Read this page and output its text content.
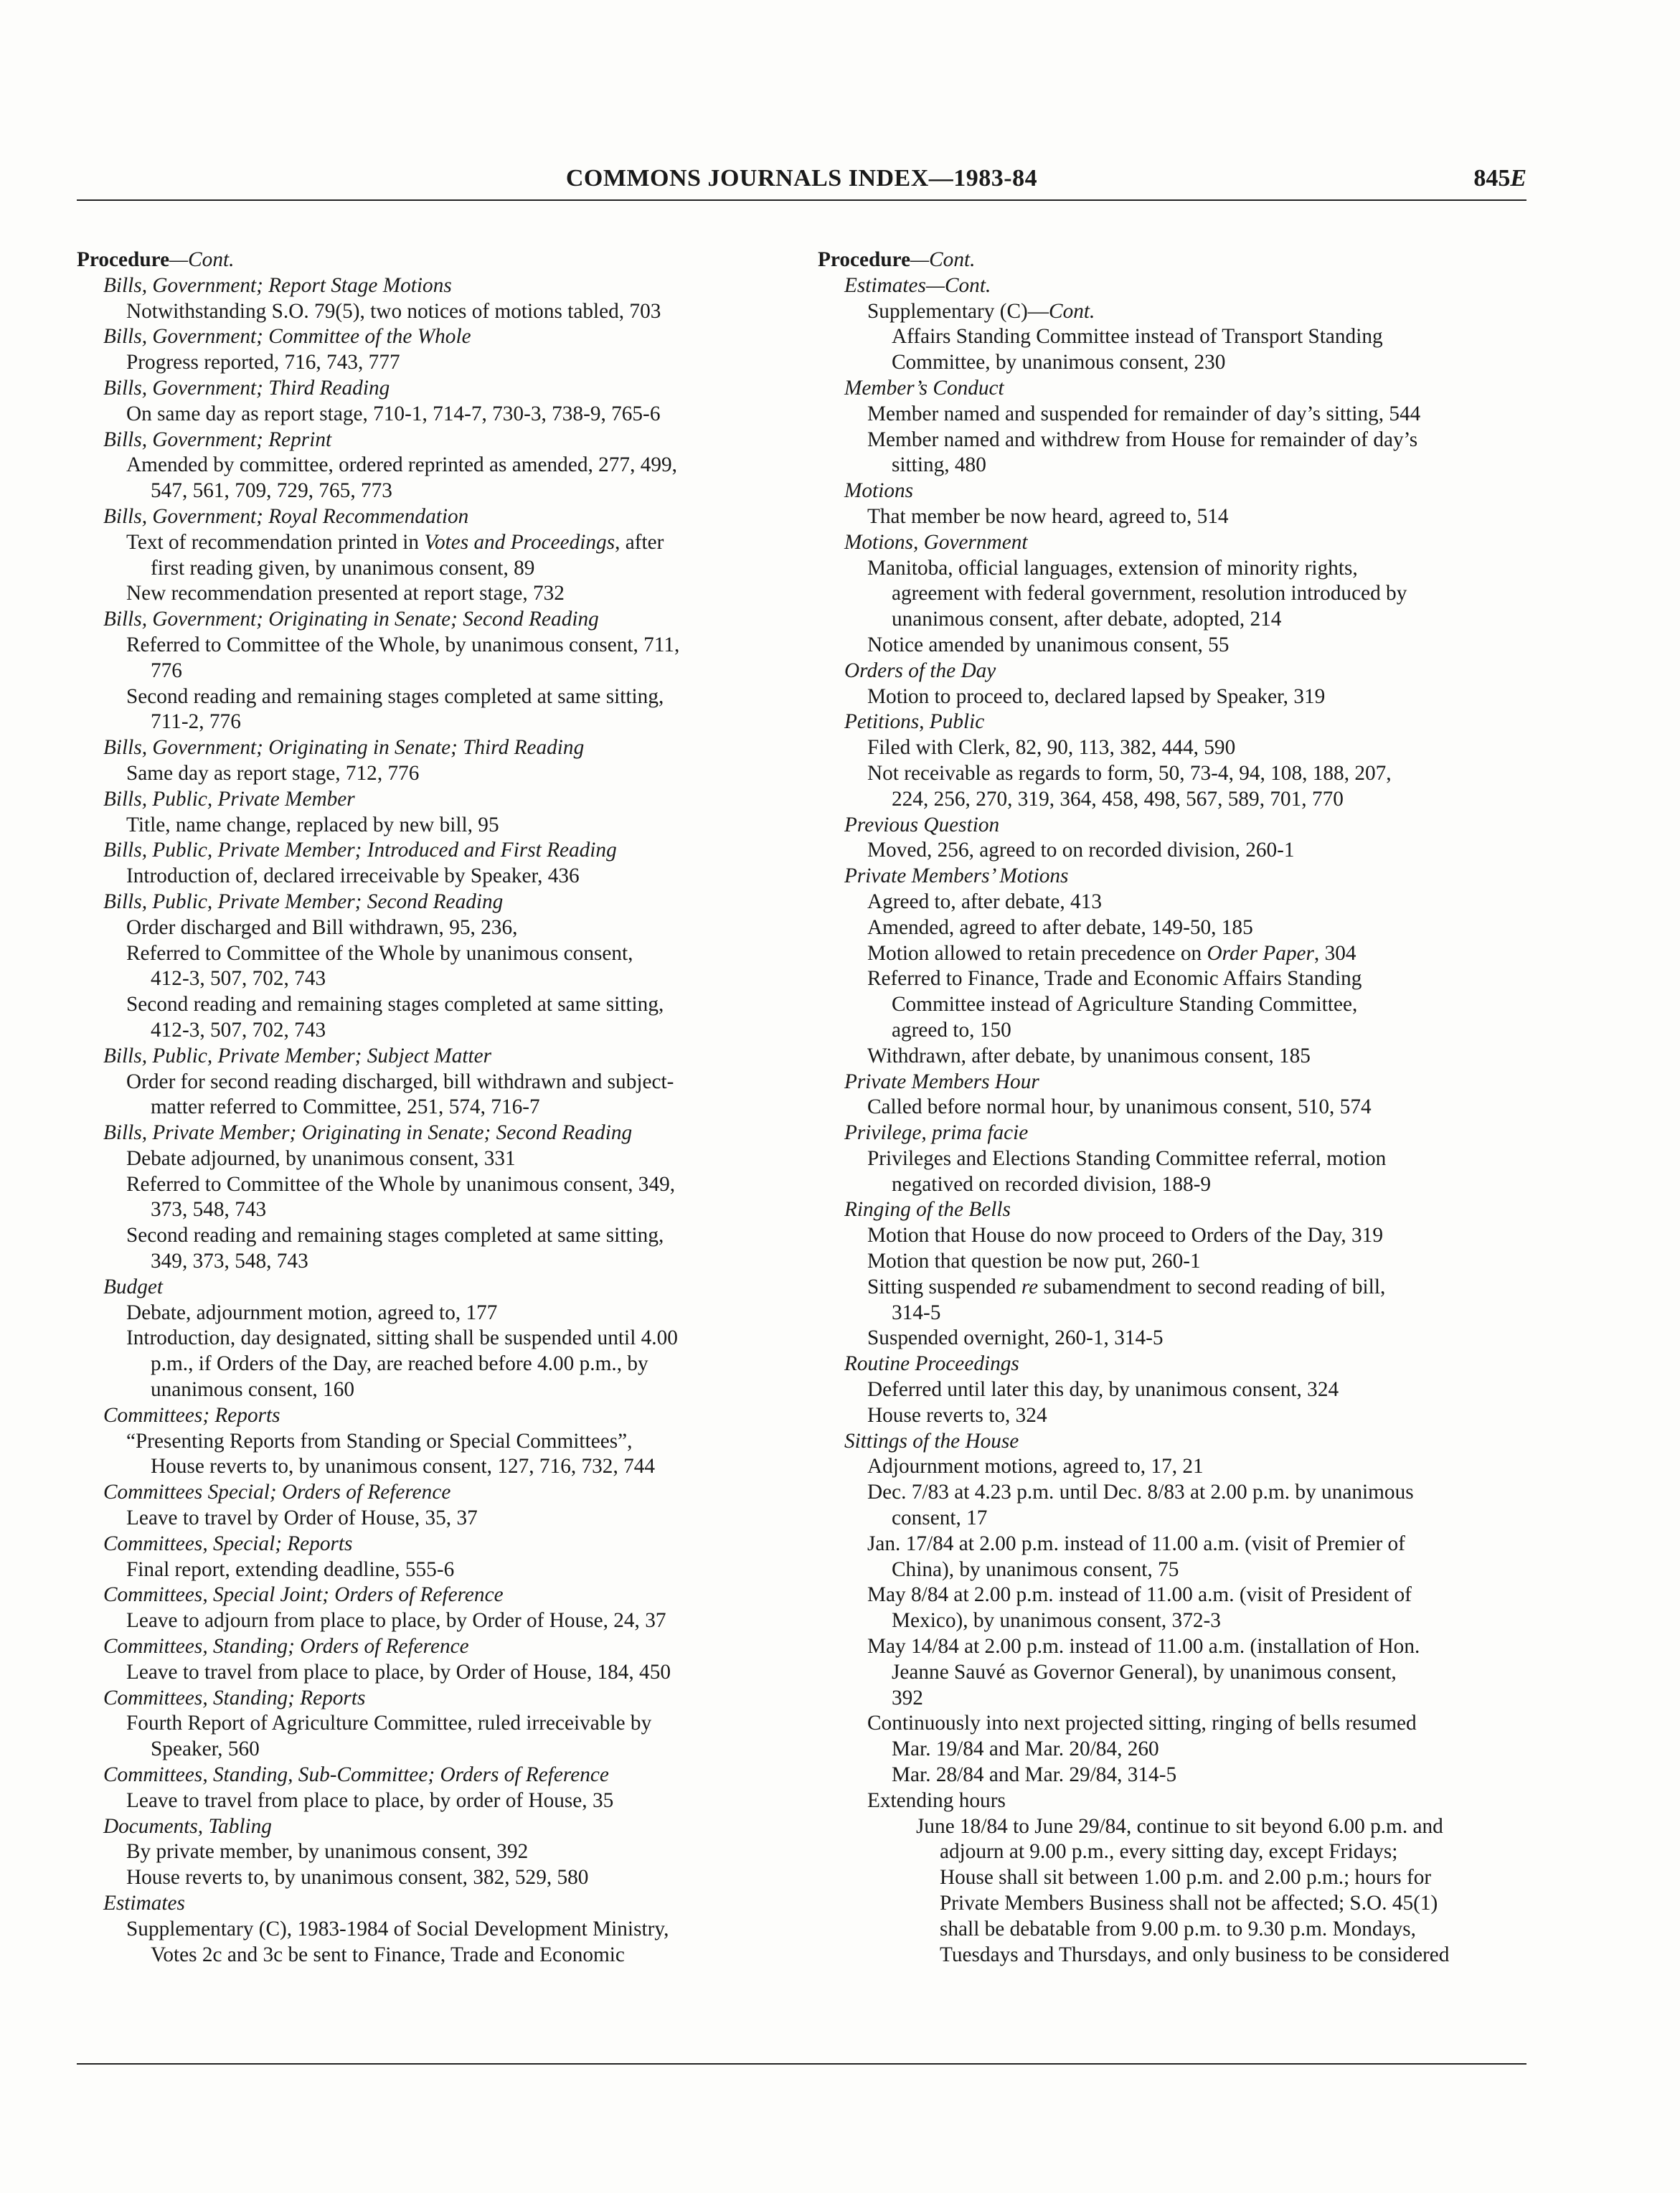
COMMONS JOURNALS INDEX—1983-84	845E
Procedure—Cont.
Bills, Government; Report Stage Motions
Notwithstanding S.O. 79(5), two notices of motions tabled, 703
Bills, Government; Committee of the Whole
Progress reported, 716, 743, 777
Bills, Government; Third Reading
On same day as report stage, 710-1, 714-7, 730-3, 738-9, 765-6
Bills, Government; Reprint
Amended by committee, ordered reprinted as amended, 277, 499,
547, 561, 709, 729, 765, 773
Bills, Government; Royal Recommendation
Text of recommendation printed in Votes and Proceedings, after
first reading given, by unanimous consent, 89
New recommendation presented at report stage, 732
Bills, Government; Originating in Senate; Second Reading
Referred to Committee of the Whole, by unanimous consent, 711,
776
Second reading and remaining stages completed at same sitting,
711-2, 776
Bills, Government; Originating in Senate; Third Reading
Same day as report stage, 712, 776
Bills, Public, Private Member
Title, name change, replaced by new bill, 95
Bills, Public, Private Member; Introduced and First Reading
Introduction of, declared irreceivable by Speaker, 436
Bills, Public, Private Member; Second Reading
Order discharged and Bill withdrawn, 95, 236,
Referred to Committee of the Whole by unanimous consent,
412-3, 507, 702, 743
Second reading and remaining stages completed at same sitting,
412-3, 507, 702, 743
Bills, Public, Private Member; Subject Matter
Order for second reading discharged, bill withdrawn and subject-
matter referred to Committee, 251, 574, 716-7
Bills, Private Member; Originating in Senate; Second Reading
Debate adjourned, by unanimous consent, 331
Referred to Committee of the Whole by unanimous consent, 349,
373, 548, 743
Second reading and remaining stages completed at same sitting,
349, 373, 548, 743
Budget
Debate, adjournment motion, agreed to, 177
Introduction, day designated, sitting shall be suspended until 4.00
p.m., if Orders of the Day, are reached before 4.00 p.m., by
unanimous consent, 160
Committees; Reports
“Presenting Reports from Standing or Special Committees”,
House reverts to, by unanimous consent, 127, 716, 732, 744
Committees Special; Orders of Reference
Leave to travel by Order of House, 35, 37
Committees, Special; Reports
Final report, extending deadline, 555-6
Committees, Special Joint; Orders of Reference
Leave to adjourn from place to place, by Order of House, 24, 37
Committees, Standing; Orders of Reference
Leave to travel from place to place, by Order of House, 184, 450
Committees, Standing; Reports
Fourth Report of Agriculture Committee, ruled irreceivable by
Speaker, 560
Committees, Standing, Sub-Committee; Orders of Reference
Leave to travel from place to place, by order of House, 35
Documents, Tabling
By private member, by unanimous consent, 392
House reverts to, by unanimous consent, 382, 529, 580
Estimates
Supplementary (C), 1983-1984 of Social Development Ministry,
Votes 2c and 3c be sent to Finance, Trade and Economic
Procedure—Cont.
Estimates—Cont.
Supplementary (C)—Cont.
Affairs Standing Committee instead of Transport Standing
Committee, by unanimous consent, 230
Member’s Conduct
Member named and suspended for remainder of day’s sitting, 544
Member named and withdrew from House for remainder of day’s
sitting, 480
Motions
That member be now heard, agreed to, 514
Motions, Government
Manitoba, official languages, extension of minority rights,
agreement with federal government, resolution introduced by
unanimous consent, after debate, adopted, 214
Notice amended by unanimous consent, 55
Orders of the Day
Motion to proceed to, declared lapsed by Speaker, 319
Petitions, Public
Filed with Clerk, 82, 90, 113, 382, 444, 590
Not receivable as regards to form, 50, 73-4, 94, 108, 188, 207,
224, 256, 270, 319, 364, 458, 498, 567, 589, 701, 770
Previous Question
Moved, 256, agreed to on recorded division, 260-1
Private Members’ Motions
Agreed to, after debate, 413
Amended, agreed to after debate, 149-50, 185
Motion allowed to retain precedence on Order Paper, 304
Referred to Finance, Trade and Economic Affairs Standing
Committee instead of Agriculture Standing Committee,
agreed to, 150
Withdrawn, after debate, by unanimous consent, 185
Private Members Hour
Called before normal hour, by unanimous consent, 510, 574
Privilege, prima facie
Privileges and Elections Standing Committee referral, motion
negatived on recorded division, 188-9
Ringing of the Bells
Motion that House do now proceed to Orders of the Day, 319
Motion that question be now put, 260-1
Sitting suspended re subamendment to second reading of bill,
314-5
Suspended overnight, 260-1, 314-5
Routine Proceedings
Deferred until later this day, by unanimous consent, 324
House reverts to, 324
Sittings of the House
Adjournment motions, agreed to, 17, 21
Dec. 7/83 at 4.23 p.m. until Dec. 8/83 at 2.00 p.m. by unanimous
consent, 17
Jan. 17/84 at 2.00 p.m. instead of 11.00 a.m. (visit of Premier of
China), by unanimous consent, 75
May 8/84 at 2.00 p.m. instead of 11.00 a.m. (visit of President of
Mexico), by unanimous consent, 372-3
May 14/84 at 2.00 p.m. instead of 11.00 a.m. (installation of Hon.
Jeanne Sauvé as Governor General), by unanimous consent,
392
Continuously into next projected sitting, ringing of bells resumed
Mar. 19/84 and Mar. 20/84, 260
Mar. 28/84 and Mar. 29/84, 314-5
Extending hours
June 18/84 to June 29/84, continue to sit beyond 6.00 p.m. and
adjourn at 9.00 p.m., every sitting day, except Fridays;
House shall sit between 1.00 p.m. and 2.00 p.m.; hours for
Private Members Business shall not be affected; S.O. 45(1)
shall be debatable from 9.00 p.m. to 9.30 p.m. Mondays,
Tuesdays and Thursdays, and only business to be considered
